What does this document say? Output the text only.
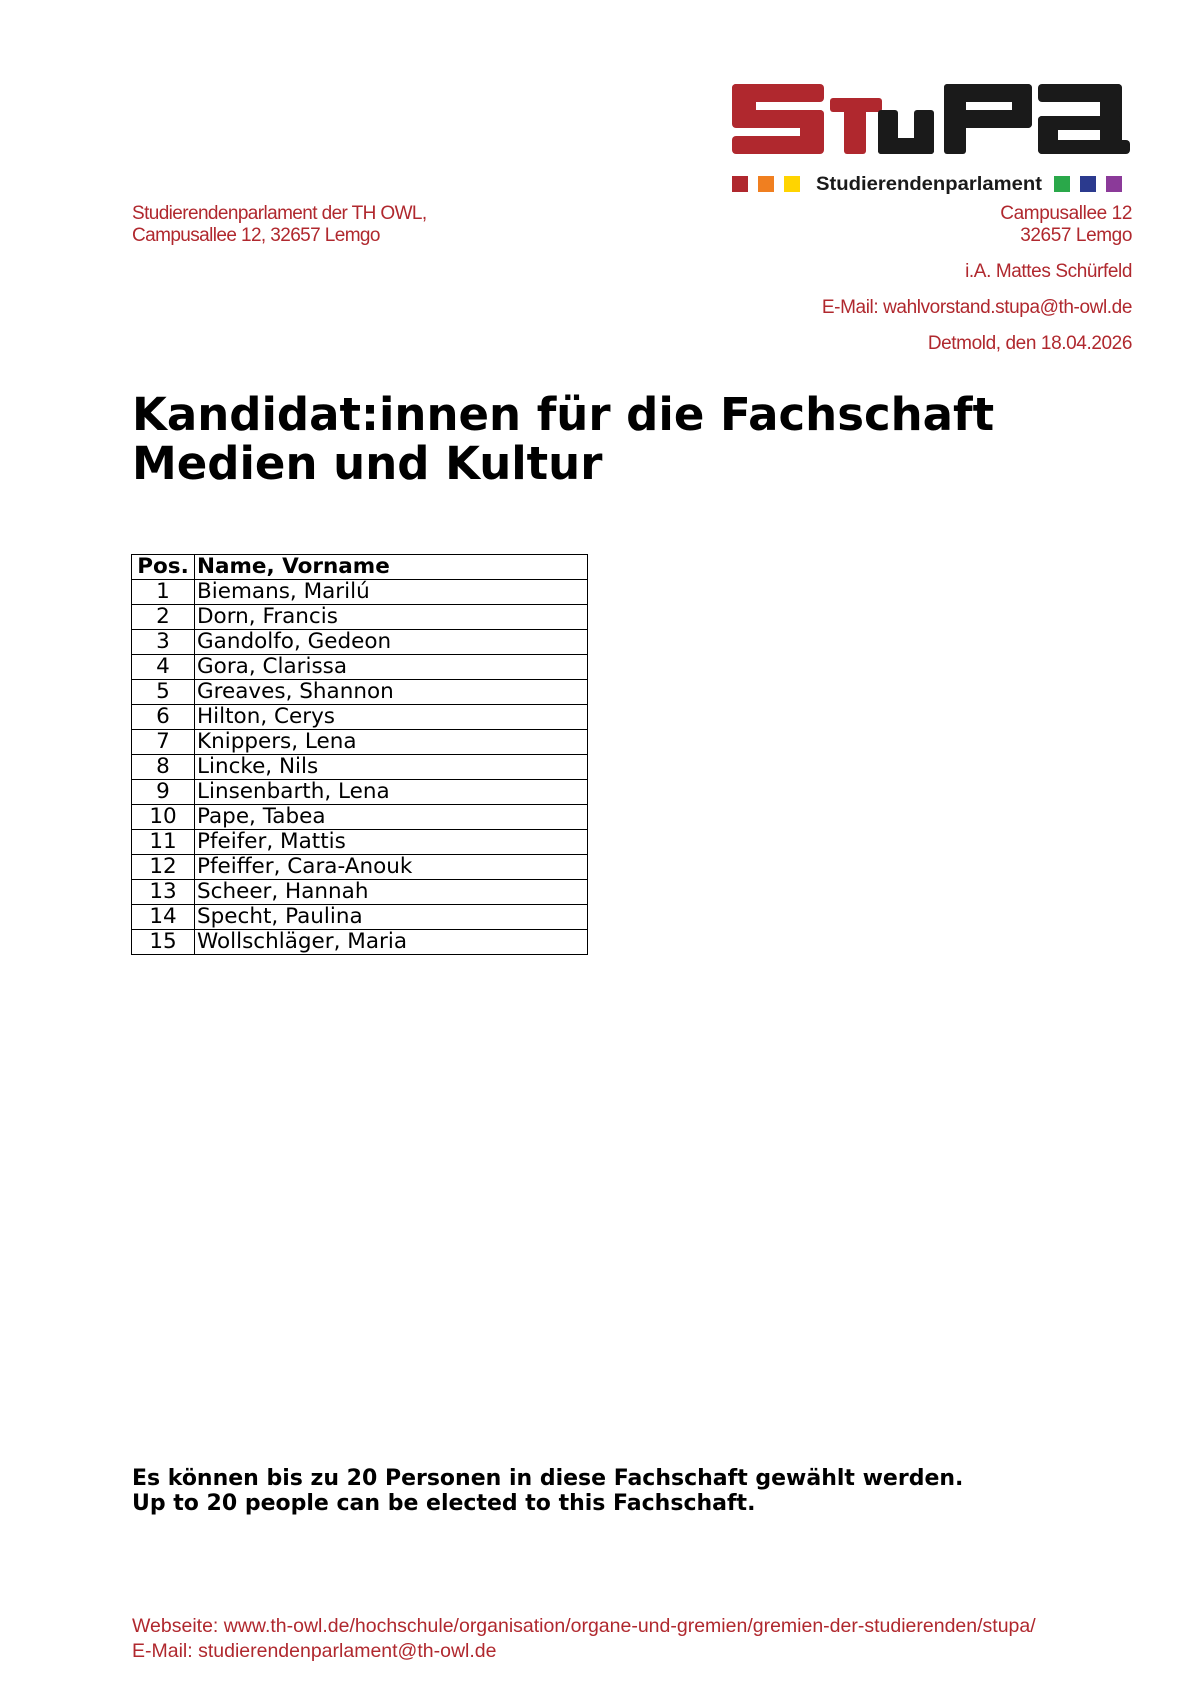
Studierendenparlament
Studierendenparlament der TH OWL,
Campusallee 12, 32657 Lemgo
Campusallee 12
32657 Lemgo
i.A. Mattes Schürfeld
E-Mail: wahlvorstand.stupa@th-owl.de
Detmold, den 18.04.2026
Kandidat:innen für die Fachschaft
Medien und Kultur
Pos.	Name, Vorname
1	Biemans, Marilú
2	Dorn, Francis
3	Gandolfo, Gedeon
4	Gora, Clarissa
5	Greaves, Shannon
6	Hilton, Cerys
7	Knippers, Lena
8	Lincke, Nils
9	Linsenbarth, Lena
10	Pape, Tabea
11	Pfeifer, Mattis
12	Pfeiffer, Cara-Anouk
13	Scheer, Hannah
14	Specht, Paulina
15	Wollschläger, Maria
Es können bis zu 20 Personen in diese Fachschaft gewählt werden.
Up to 20 people can be elected to this Fachschaft.
Webseite: www.th-owl.de/hochschule/organisation/organe-und-gremien/gremien-der-studierenden/stupa/
E-Mail: studierendenparlament@th-owl.de
